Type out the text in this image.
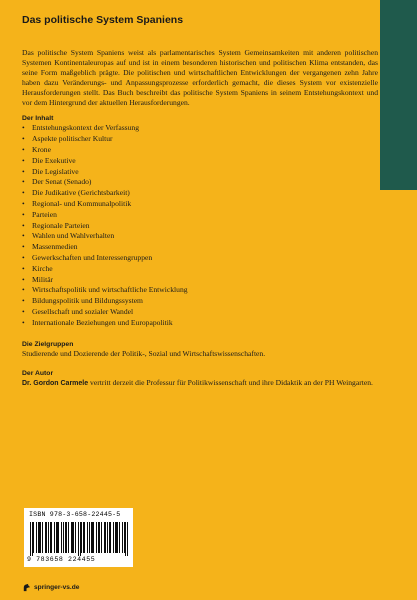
Das politische System Spaniens

Das politische System Spaniens weist als parlamentarisches System Gemeinsamkeiten mit anderen politischen Systemen Kontinentaleuropas auf und ist in einem besonderen historischen und politischen Klima entstanden, das seine Form maßgeblich prägte. Die politischen und wirtschaftlichen Entwicklungen der vergangenen zehn Jahre haben dazu Veränderungs- und Anpassungsprozesse erforderlich gemacht, die dieses System vor existenzielle Herausforderungen stellt. Das Buch beschreibt das politische System Spaniens in seinem Entstehungskontext und vor dem Hintergrund der aktuellen Herausforderungen.

Der Inhalt
• Entstehungskontext der Verfassung
• Aspekte politischer Kultur
• Krone
• Die Exekutive
• Die Legislative
• Der Senat (Senado)
• Die Judikative (Gerichtsbarkeit)
• Regional- und Kommunalpolitik
• Parteien
• Regionale Parteien
• Wahlen und Wahlverhalten
• Massenmedien
• Gewerkschaften und Interessengruppen
• Kirche
• Militär
• Wirtschaftspolitik und wirtschaftliche Entwicklung
• Bildungspolitik und Bildungssystem
• Gesellschaft und sozialer Wandel
• Internationale Beziehungen und Europapolitik
Die Zielgruppen

Studierende und Dozierende der Politik-, Sozial und Wirtschaftswissenschaften.

Der Autor

Dr. Gordon Carmele vertritt derzeit die Professur für Politikwissenschaft und ihre Didaktik an der PH Weingarten.

ISBN 978-3-658-22445-5
9 783658 224455
springer-vs.de
